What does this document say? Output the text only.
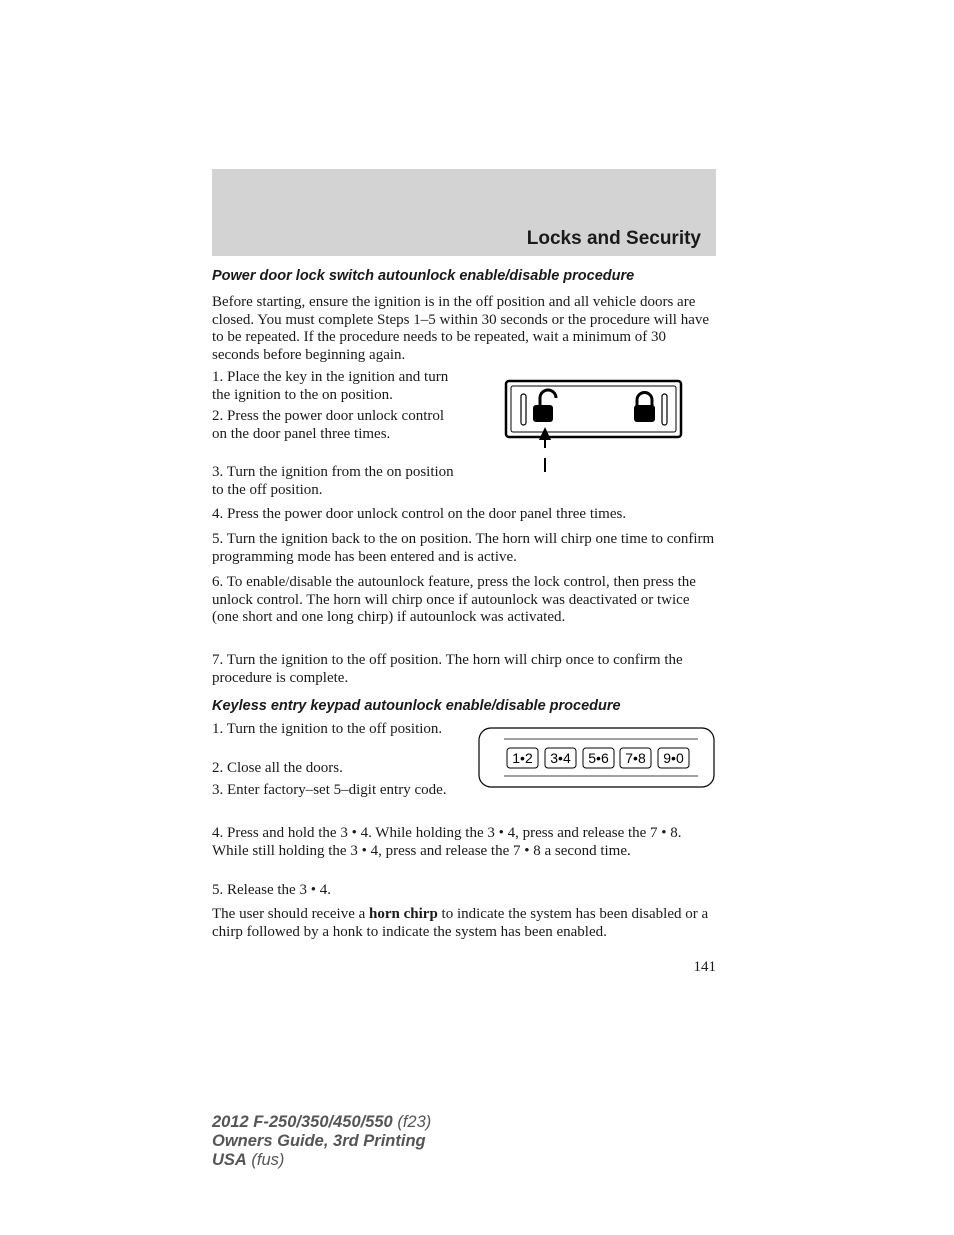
Locks and Security
Power door lock switch autounlock enable/disable procedure
Before starting, ensure the ignition is in the off position and all vehicle doors are closed. You must complete Steps 1–5 within 30 seconds or the procedure will have to be repeated. If the procedure needs to be repeated, wait a minimum of 30 seconds before beginning again.
1. Place the key in the ignition and turn the ignition to the on position.
2. Press the power door unlock control on the door panel three times.
3. Turn the ignition from the on position to the off position.
4. Press the power door unlock control on the door panel three times.
5. Turn the ignition back to the on position. The horn will chirp one time to confirm programming mode has been entered and is active.
6. To enable/disable the autounlock feature, press the lock control, then press the unlock control. The horn will chirp once if autounlock was deactivated or twice (one short and one long chirp) if autounlock was activated.
7. Turn the ignition to the off position. The horn will chirp once to confirm the procedure is complete.
Keyless entry keypad autounlock enable/disable procedure
1. Turn the ignition to the off position.
2. Close all the doors.
3. Enter factory–set 5–digit entry code.
1•2 3•4 5•6 7•8 9•0
4. Press and hold the 3 • 4. While holding the 3 • 4, press and release the 7 • 8. While still holding the 3 • 4, press and release the 7 • 8 a second time.
5. Release the 3 • 4.
The user should receive a horn chirp to indicate the system has been disabled or a chirp followed by a honk to indicate the system has been enabled.
141
2012 F-250/350/450/550 (f23)
Owners Guide, 3rd Printing
USA (fus)
